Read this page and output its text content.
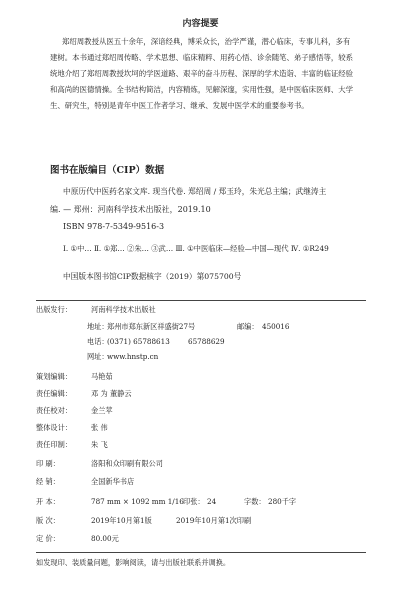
内容提要
郑绍周教授从医五十余年，深谙经典，博采众长，治学严谨，潜心临床，专事儿科，多有
建树。本书通过郑绍周传略、学术思想、临床精粹、用药心悟、诊余随笔、弟子感悟等，较系
统地介绍了郑绍周教授坎坷的学医道路、艰辛的奋斗历程、深厚的学术造诣、丰富的临证经验
和高尚的医德情操。全书结构简洁，内容精炼，见解深邃，实用性强，是中医临床医师、大学
生、研究生，特别是青年中医工作者学习、继承、发展中医学术的重要参考书。
图书在版编目（CIP）数据
中原历代中医药名家文库. 现当代卷. 郑绍周 / 郑玉玲，朱光总主编；武继涛主
编. — 郑州：河南科学技术出版社，2019.10
ISBN 978-7-5349-9516-3
Ⅰ. ①中… Ⅱ. ①郑… ②朱… ③武… Ⅲ. ①中医临床—经验—中国—现代 Ⅳ. ①R249
中国版本图书馆CIP数据核字（2019）第075700号
出版发行：	河南科学技术出版社
地址：
郑州市郑东新区祥盛街27号	邮编： 450016
电话：
(0371) 65788613	65788629
网址：
www.hnstp.cn
策划编辑：	马艳茹
责任编辑：	邓 为 董静云
责任校对：	金兰苹
整体设计：	张 伟
责任印制：	朱 飞
印 刷：	洛阳和众印刷有限公司
经 销：	全国新华书店
开 本：	787 mm × 1092 mm 1/16 印张： 24	字数： 280千字
版 次：	2019年10月第1版	2019年10月第1次印刷
定 价：	80.00元
如发现印、装质量问题，影响阅读，请与出版社联系并调换。
